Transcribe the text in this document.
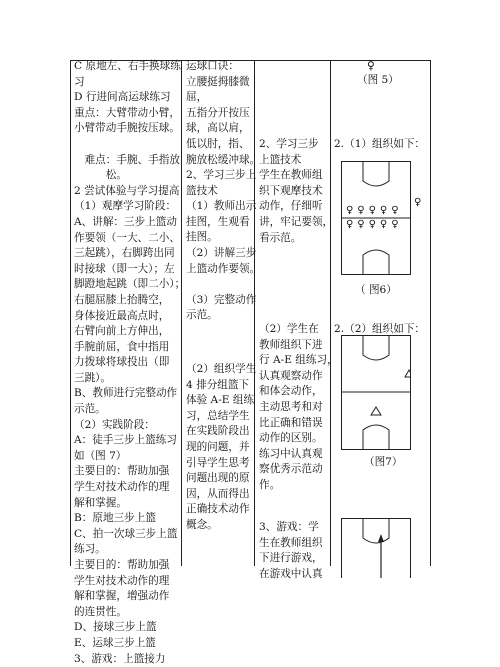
C 原地左、右手换球练
习
D 行进间高运球练习
重点：大臂带动小臂，
小臂带动手腕按压球。

　难点：手腕、手指放
　　　松。
2 尝试体验与学习提高
（1）观摩学习阶段：
A、讲解：三步上篮动
作要领（一大、二小、
三起跳），右脚跨出同
时接球（即一大）；左
脚蹬地起跳（即二小）；
右腿屈膝上抬腾空，
身体接近最高点时，
右臂向前上方伸出，
手腕前屈，食中指用
力拨球将球投出（即
三跳）。
B、教师进行完整动作
示范。
（2）实践阶段：
A：徒手三步上篮练习
如（图 7）
主要目的：帮助加强
学生对技术动作的理
解和掌握。
B：原地三步上篮
C、拍一次球三步上篮
练习。
主要目的：帮助加强
学生对技术动作的理
解和掌握，增强动作
的连贯性。
D、接球三步上篮
E、运球三步上篮
3、游戏：上篮接力
运球口诀：
立腰挺拇膝微
屈，
五指分开按压
球，高以肩，
低以肘，指、
腕放松缓冲球。
2、学习三步上
篮技术
（1）教师出示
挂图，生观看
挂图。
（2）讲解三步
上篮动作要领。

（3）完整动作
示范。
（2）组织学生
4 排分组篮下
体验 A-E 组练
习，总结学生
在实践阶段出
现的问题，并
引导学生思考
问题出现的原
因，从而得出
正确技术动作
概念。
2、学习三步
上篮技术
学生在教师组
织下观摩技术
动作，仔细听
讲，牢记要领，
看示范。
（2）学生在
教师组织下进
行 A-E 组练习，
认真观察动作
和体会动作，
主动思考和对
比正确和错误
动作的区别。
练习中认真观
察优秀示范动
作。
3、游戏：学
生在教师组织
下进行游戏，
在游戏中认真
♀
（图 5）
2.（1）组织如下：
♀♀♀♀♀
♀♀♀♀♀
♀
（ 图6）
2.（2）组织如下：
（图7）
